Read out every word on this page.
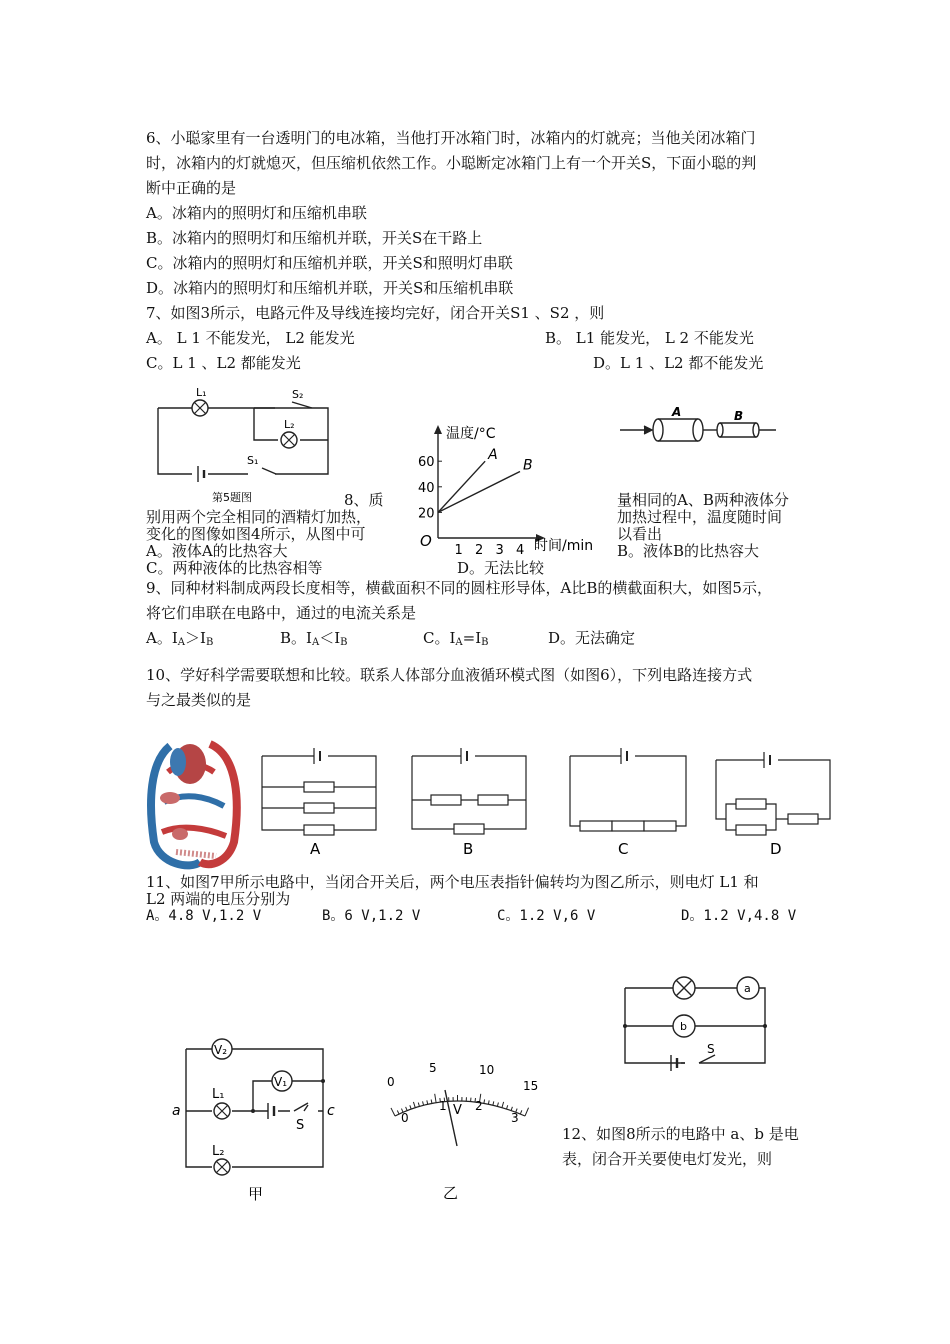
6、小聪家里有一台透明门的电冰箱，当他打开冰箱门时，冰箱内的灯就亮；当他关闭冰箱门
时，冰箱内的灯就熄灭，但压缩机依然工作。小聪断定冰箱门上有一个开关S，下面小聪的判
断中正确的是
A。冰箱内的照明灯和压缩机串联
B。冰箱内的照明灯和压缩机并联，开关S在干路上
C。冰箱内的照明灯和压缩机并联，开关S和照明灯串联
D。冰箱内的照明灯和压缩机并联，开关S和压缩机串联
7、如图3所示，电路元件及导线连接均完好，闭合开关S1 、S2 ，则
A。 L 1 不能发光， L2 能发光	B。 L1 能发光， L 2 不能发光
C。L 1 、L2 都能发光	D。L 1 、L2 都不能发光
L₁	S₂
L₂
S₁
第5题图	8、质	量相同的A、B两种液体分
别用两个完全相同的酒精灯加热，	加热过程中，温度随时间
变化的图像如图4所示，从图中可	以看出
A。液体A的比热容大	B。液体B的比热容大
C。两种液体的比热容相等	D。无法比较
温度/°C
时间/min
O
1 2 3 4
20
40
60	A
B
A	B
9、同种材料制成两段长度相等，横截面积不同的圆柱形导体，A比B的横截面积大，如图5示，
将它们串联在电路中，通过的电流关系是
A。$I_A>I_B$	B。$I_A<I_B$	C。$I_A=I_B$	D。无法确定
10、学好科学需要联想和比较。联系人体部分血液循环模式图（如图6），下列电路连接方式
与之最类似的是
A	B	C	D
11、如图7甲所示电路中，当闭合开关后，两个电压表指针偏转均为图乙所示，则电灯 L1 和
L2 两端的电压分别为
A。4.8 V,1.2 V	B。6 V,1.2 V	C。1.2 V,6 V	D。1.2 V,4.8 V
V₂
V₁
L₁
L₂
a	c
S
甲
0
5	10
15
0
1 2
3
V
乙
a
b
S
12、如图8所示的电路中 a、b 是电
表，闭合开关要使电灯发光，则
